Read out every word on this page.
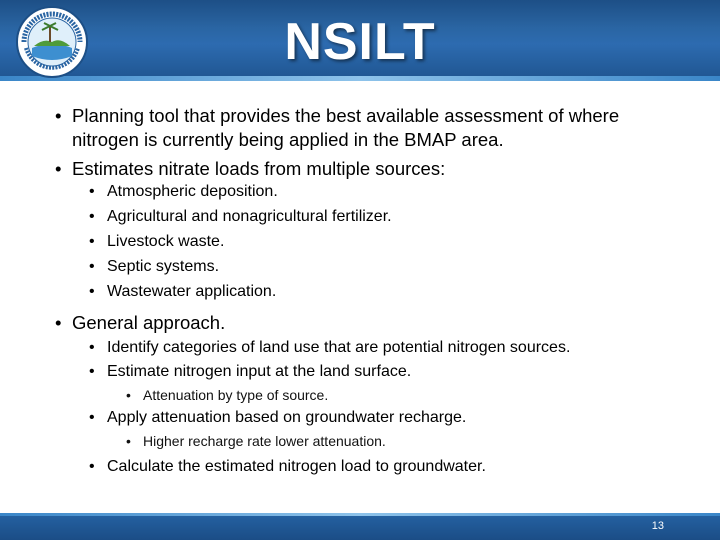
NSILT
• Planning tool that provides the best available assessment of where
nitrogen is currently being applied in the BMAP area.
• Estimates nitrate loads from multiple sources:
• Atmospheric deposition.
• Agricultural and nonagricultural fertilizer.
• Livestock waste.
• Septic systems.
• Wastewater application.
• General approach.
• Identify categories of land use that are potential nitrogen sources.
• Estimate nitrogen input at the land surface.
• Attenuation by type of source.
• Apply attenuation based on groundwater recharge.
• Higher recharge rate lower attenuation.
• Calculate the estimated nitrogen load to groundwater.
13
